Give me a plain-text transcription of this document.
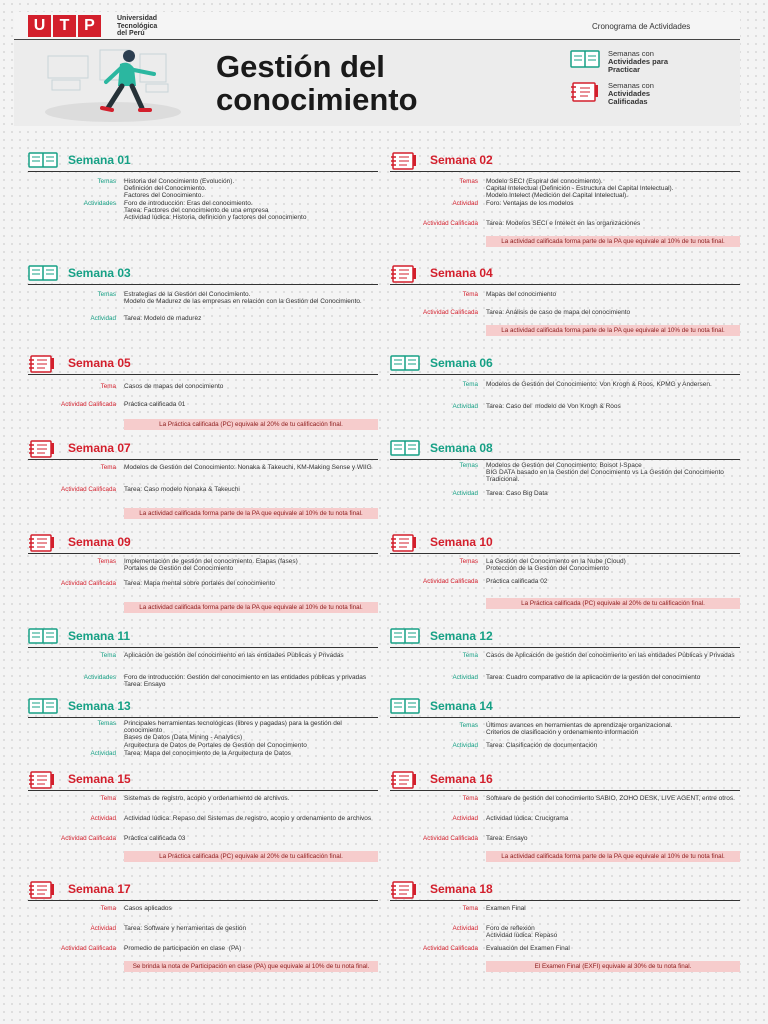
U T P	Universidad
Tecnológica
del Perú
Cronograma de Actividades
Gestión del
conocimiento
Semanas con
Actividades para Practicar
Semanas con
Actividades Calificadas
Semana 01
Temas Historia del Conocimiento (Evolución).
Definición del Conocimiento.
Factores del Conocimiento.
Actividades Foro de introducción: Eras del conocimiento.
Tarea: Factores del conocimiento de una empresa
Actividad lúdica: Historia, definición y factores del conocimiento
Semana 02
Temas Modelo SECI (Espiral del conocimiento).
Capital Intelectual (Definición - Estructura del Capital Intelectual).
Modelo Intelect (Medición del Capital Intelectual).
Actividad Foro: Ventajas de los modelos
Actividad Calificada Tarea: Modelos SECI e Intelect en las organizaciones
La actividad calificada forma parte de la PA que equivale al 10% de tu nota final.
Semana 03
Temas Estrategias de la Gestión del Conocimiento.
Modelo de Madurez de las empresas en relación con la Gestión del Conocimiento.
Actividad Tarea: Modelo de madurez
Semana 04
Tema Mapas del conocimiento
Actividad Calificada Tarea: Análisis de caso de mapa del conocimiento
La actividad calificada forma parte de la PA que equivale al 10% de tu nota final.
Semana 05
Tema Casos de mapas del conocimiento
Actividad Calificada Práctica calificada 01
La Práctica calificada (PC) equivale al 20% de tu calificación final.
Semana 06
Tema Modelos de Gestión del Conocimiento: Von Krogh & Roos, KPMG y Andersen.
Actividad Tarea: Caso del  modelo de Von Krogh & Roos
Semana 07
Tema Modelos de Gestión del Conocimiento: Nonaka & Takeuchi, KM-Making Sense y WIIG
Actividad Calificada Tarea: Caso modelo Nonaka & Takeuchi
La actividad calificada forma parte de la PA que equivale al 10% de tu nota final.
Semana 08
Temas Modelos de Gestión del Conocimiento: Boisot I-Space
BIG DATA basado en la Gestión del Conocimiento vs La Gestión del Conocimiento Tradicional.
Actividad Tarea: Caso Big Data
Semana 09
Temas Implementación de gestión del conocimiento. Etapas (fases)
Portales de Gestión del Conocimiento
Actividad Calificada Tarea: Mapa mental sobre portales del conocimiento
La actividad calificada forma parte de la PA que equivale al 10% de tu nota final.
Semana 10
Temas La Gestión del Conocimiento en la Nube (Cloud)
Protección de la Gestión del Conocimiento
Actividad Calificada Práctica calificada 02
La Práctica calificada (PC) equivale al 20% de tu calificación final.
Semana 11
Tema Aplicación de gestión del conocimiento en las entidades Públicas y Privadas
Actividades Foro de introducción: Gestión del conocimiento en las entidades públicas y privadas
Tarea: Ensayo
Semana 12
Tema Casos de Aplicación de gestión del conocimiento en las entidades Públicas y Privadas
Actividad Tarea: Cuadro comparativo de la aplicación de la gestión del conocimiento
Semana 13
Temas Principales herramientas tecnológicas (libres y pagadas) para la gestión del conocimiento
Bases de Datos (Data Mining - Analytics)
Arquitectura de Datos de Portales de Gestión del Conocimiento
Actividad Tarea: Mapa del conocimiento de la Arquitectura de Datos
Semana 14
Temas Últimos avances en herramientas de aprendizaje organizacional.
Criterios de clasificación y ordenamiento información
Actividad Tarea: Clasificación de documentación
Semana 15
Tema Sistemas de registro, acopio y ordenamiento de archivos.
Actividad Actividad lúdica: Repaso del Sistemas de registro, acopio y ordenamiento de archivos
Actividad Calificada Práctica calificada 03
La Práctica calificada (PC) equivale al 20% de tu calificación final.
Semana 16
Tema Software de gestión del conocimiento SABIO, ZOHO DESK, LIVE AGENT, entre otros.
Actividad Actividad lúdica: Crucigrama
Actividad Calificada Tarea: Ensayo
La actividad calificada forma parte de la PA que equivale al 10% de tu nota final.
Semana 17
Tema Casos aplicados
Actividad Tarea: Software y herramientas de gestión
Actividad Calificada Promedio de participación en clase  (PA)
Se brinda la nota de Participación en clase (PA) que equivale al 10% de tu nota final.
Semana 18
Tema Examen Final
Actividad Foro de reflexión
Actividad lúdica: Repaso
Actividad Calificada Evaluación del Examen Final
El Examen Final (EXFI) equivale al 30% de tu nota final.
